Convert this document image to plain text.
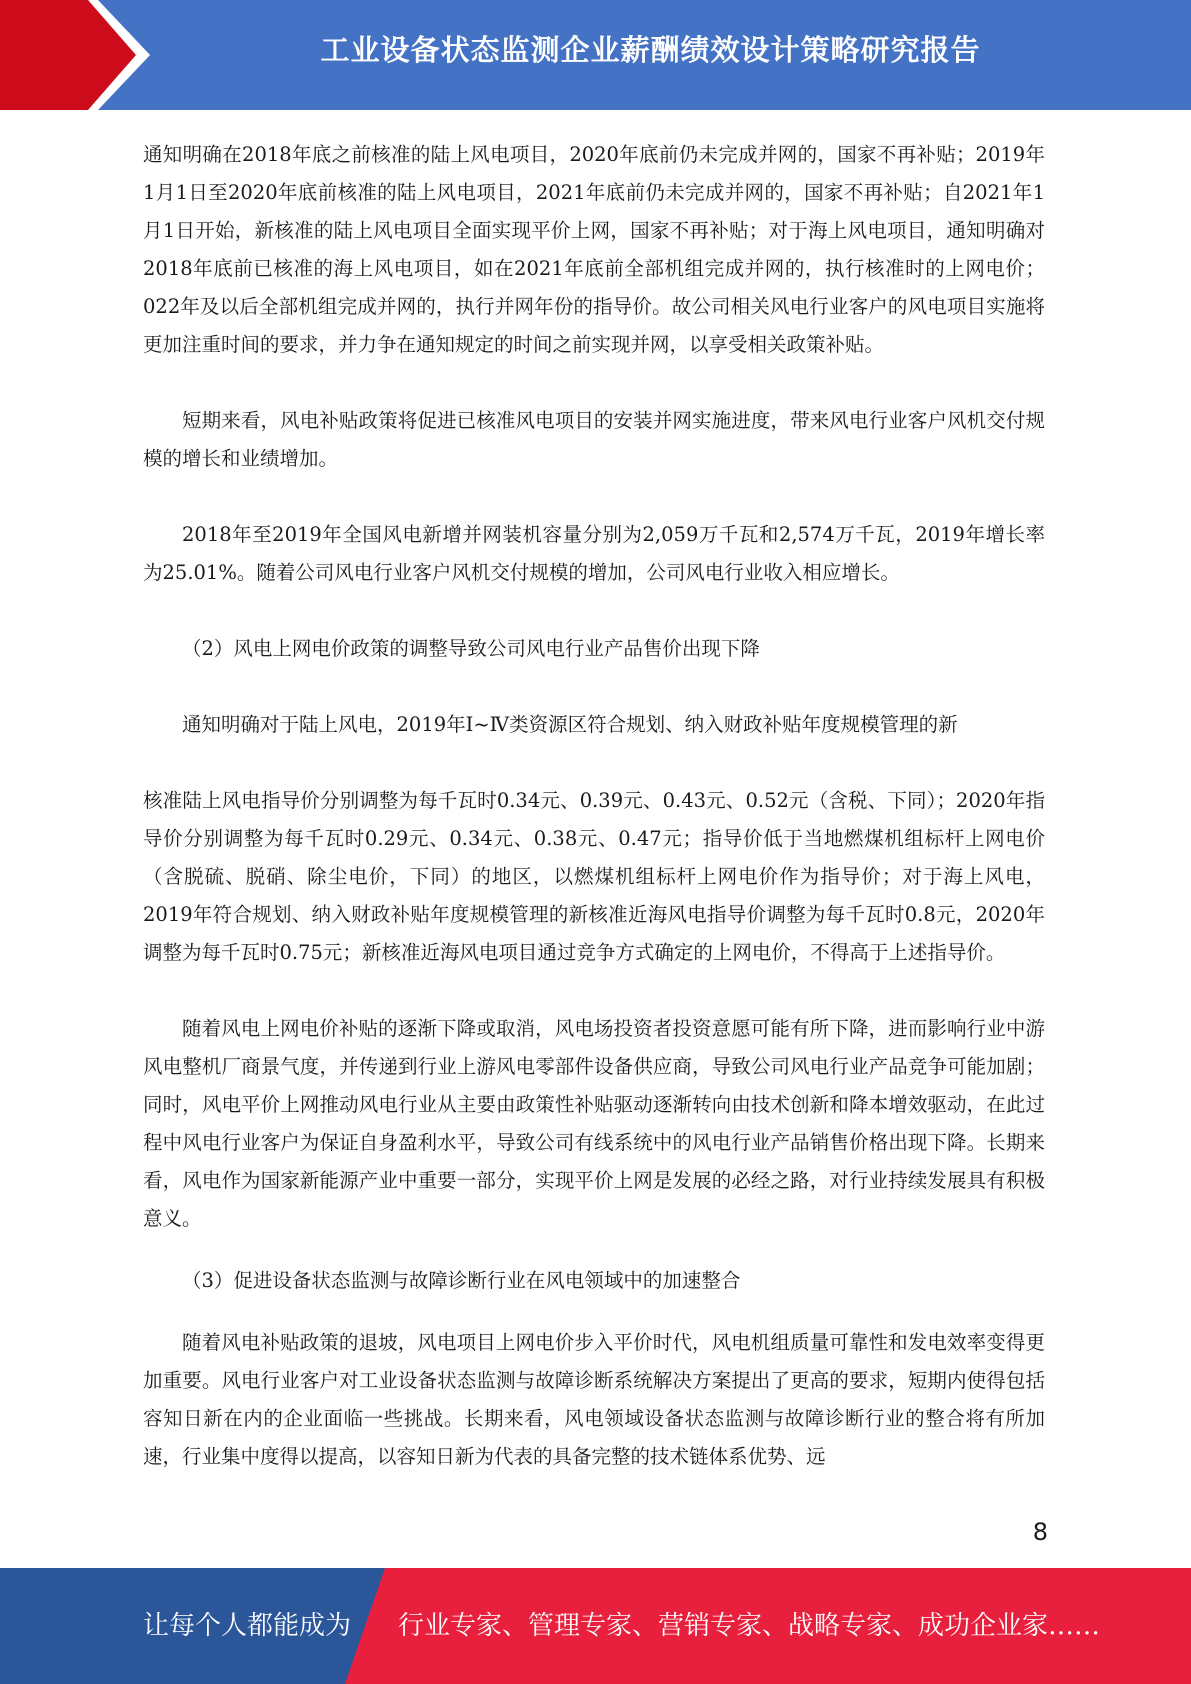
工业设备状态监测企业薪酬绩效设计策略研究报告

通知明确在2018年底之前核准的陆上风电项目，2020年底前仍未完成并网的，国家不再补贴；2019年1月1日至2020年底前核准的陆上风电项目，2021年底前仍未完成并网的，国家不再补贴；自2021年1月1日开始，新核准的陆上风电项目全面实现平价上网，国家不再补贴；对于海上风电项目，通知明确对2018年底前已核准的海上风电项目，如在2021年底前全部机组完成并网的，执行核准时的上网电价；022年及以后全部机组完成并网的，执行并网年份的指导价。故公司相关风电行业客户的风电项目实施将更加注重时间的要求，并力争在通知规定的时间之前实现并网，以享受相关政策补贴。

短期来看，风电补贴政策将促进已核准风电项目的安装并网实施进度，带来风电行业客户风机交付规模的增长和业绩增加。

2018年至2019年全国风电新增并网装机容量分别为2,059万千瓦和2,574万千瓦，2019年增长率为25.01%。随着公司风电行业客户风机交付规模的增加，公司风电行业收入相应增长。

（2）风电上网电价政策的调整导致公司风电行业产品售价出现下降

通知明确对于陆上风电，2019年Ⅰ~Ⅳ类资源区符合规划、纳入财政补贴年度规模管理的新

核准陆上风电指导价分别调整为每千瓦时0.34元、0.39元、0.43元、0.52元（含税、下同）；2020年指导价分别调整为每千瓦时0.29元、0.34元、0.38元、0.47元；指导价低于当地燃煤机组标杆上网电价（含脱硫、脱硝、除尘电价，下同）的地区，以燃煤机组标杆上网电价作为指导价；对于海上风电，2019年符合规划、纳入财政补贴年度规模管理的新核准近海风电指导价调整为每千瓦时0.8元，2020年调整为每千瓦时0.75元；新核准近海风电项目通过竞争方式确定的上网电价，不得高于上述指导价。

随着风电上网电价补贴的逐渐下降或取消，风电场投资者投资意愿可能有所下降，进而影响行业中游风电整机厂商景气度，并传递到行业上游风电零部件设备供应商，导致公司风电行业产品竞争可能加剧；同时，风电平价上网推动风电行业从主要由政策性补贴驱动逐渐转向由技术创新和降本增效驱动，在此过程中风电行业客户为保证自身盈利水平，导致公司有线系统中的风电行业产品销售价格出现下降。长期来看，风电作为国家新能源产业中重要一部分，实现平价上网是发展的必经之路，对行业持续发展具有积极意义。

（3）促进设备状态监测与故障诊断行业在风电领域中的加速整合

随着风电补贴政策的退坡，风电项目上网电价步入平价时代，风电机组质量可靠性和发电效率变得更加重要。风电行业客户对工业设备状态监测与故障诊断系统解决方案提出了更高的要求，短期内使得包括容知日新在内的企业面临一些挑战。长期来看，风电领域设备状态监测与故障诊断行业的整合将有所加速，行业集中度得以提高，以容知日新为代表的具备完整的技术链体系优势、远

8
让每个人都能成为 行业专家、管理专家、营销专家、战略专家、成功企业家……
